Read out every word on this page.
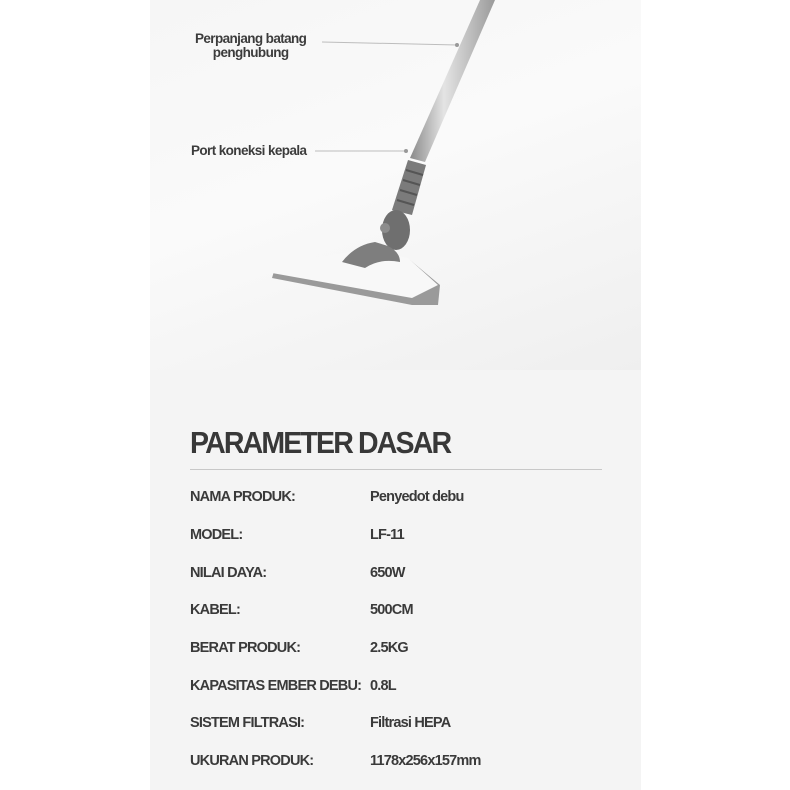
Perpanjang batang
penghubung
Port koneksi kepala
PARAMETER DASAR
NAMA PRODUK:	Penyedot debu
MODEL:	LF-11
NILAI DAYA:	650W
KABEL:	500CM
BERAT PRODUK:	2.5KG
KAPASITAS EMBER DEBU: 0.8L
SISTEM FILTRASI:	Filtrasi HEPA
UKURAN PRODUK:	1178x256x157mm
